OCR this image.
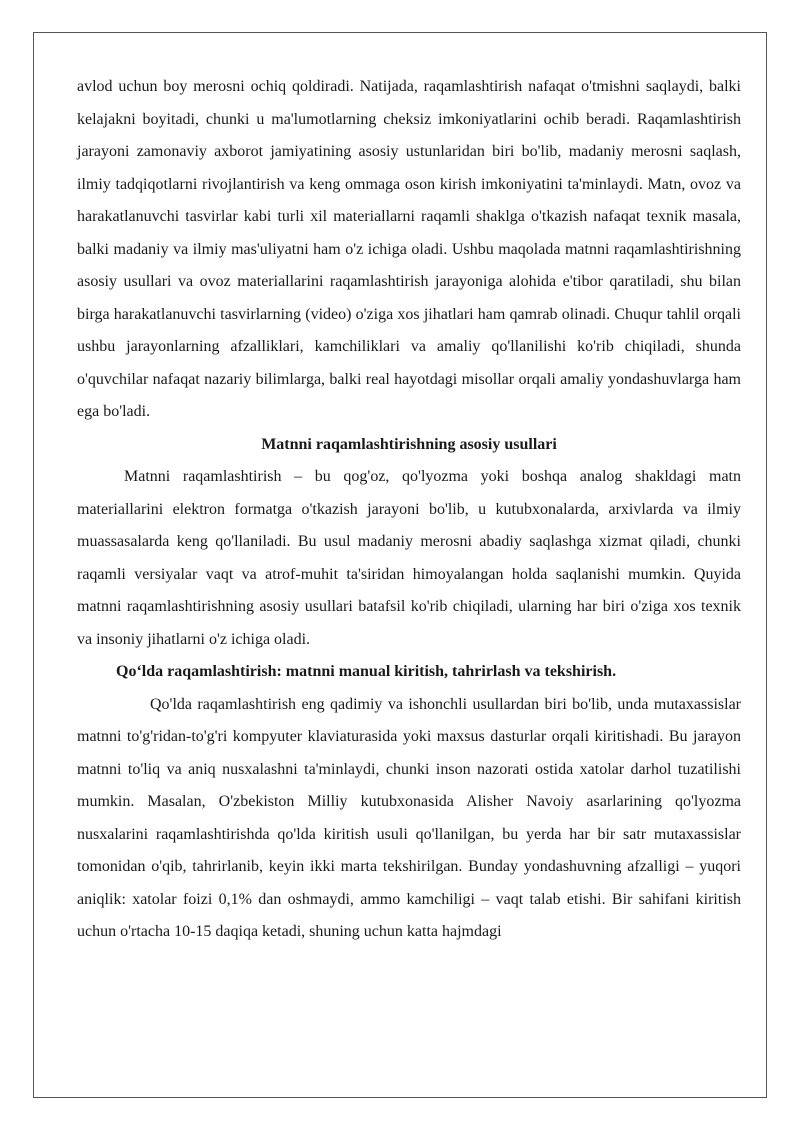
avlod uchun boy merosni ochiq qoldiradi. Natijada, raqamlashtirish nafaqat o'tmishni saqlaydi, balki kelajakni boyitadi, chunki u ma'lumotlarning cheksiz imkoniyatlarini ochib beradi. Raqamlashtirish jarayoni zamonaviy axborot jamiyatining asosiy ustunlaridan biri bo'lib, madaniy merosni saqlash, ilmiy tadqiqotlarni rivojlantirish va keng ommaga oson kirish imkoniyatini ta'minlaydi. Matn, ovoz va harakatlanuvchi tasvirlar kabi turli xil materiallarni raqamli shaklga o'tkazish nafaqat texnik masala, balki madaniy va ilmiy mas'uliyatni ham o'z ichiga oladi. Ushbu maqolada matnni raqamlashtirishning asosiy usullari va ovoz materiallarini raqamlashtirish jarayoniga alohida e'tibor qaratiladi, shu bilan birga harakatlanuvchi tasvirlarning (video) o'ziga xos jihatlari ham qamrab olinadi. Chuqur tahlil orqali ushbu jarayonlarning afzalliklari, kamchiliklari va amaliy qo'llanilishi ko'rib chiqiladi, shunda o'quvchilar nafaqat nazariy bilimlarga, balki real hayotdagi misollar orqali amaliy yondashuvlarga ham ega bo'ladi.

Matnni raqamlashtirishning asosiy usullari

Matnni raqamlashtirish – bu qog'oz, qo'lyozma yoki boshqa analog shakldagi matn materiallarini elektron formatga o'tkazish jarayoni bo'lib, u kutubxonalarda, arxivlarda va ilmiy muassasalarda keng qo'llaniladi. Bu usul madaniy merosni abadiy saqlashga xizmat qiladi, chunki raqamli versiyalar vaqt va atrof-muhit ta'siridan himoyalangan holda saqlanishi mumkin. Quyida matnni raqamlashtirishning asosiy usullari batafsil ko'rib chiqiladi, ularning har biri o'ziga xos texnik va insoniy jihatlarni o'z ichiga oladi.

Qo‘lda raqamlashtirish: matnni manual kiritish, tahrirlash va tekshirish.

Qo'lda raqamlashtirish eng qadimiy va ishonchli usullardan biri bo'lib, unda mutaxassislar matnni to'g'ridan-to'g'ri kompyuter klaviaturasida yoki maxsus dasturlar orqali kiritishadi. Bu jarayon matnni to'liq va aniq nusxalashni ta'minlaydi, chunki inson nazorati ostida xatolar darhol tuzatilishi mumkin. Masalan, O'zbekiston Milliy kutubxonasida Alisher Navoiy asarlarining qo'lyozma nusxalarini raqamlashtirishda qo'lda kiritish usuli qo'llanilgan, bu yerda har bir satr mutaxassislar tomonidan o'qib, tahrirlanib, keyin ikki marta tekshirilgan. Bunday yondashuvning afzalligi – yuqori aniqlik: xatolar foizi 0,1% dan oshmaydi, ammo kamchiligi – vaqt talab etishi. Bir sahifani kiritish uchun o'rtacha 10-15 daqiqa ketadi, shuning uchun katta hajmdagi
